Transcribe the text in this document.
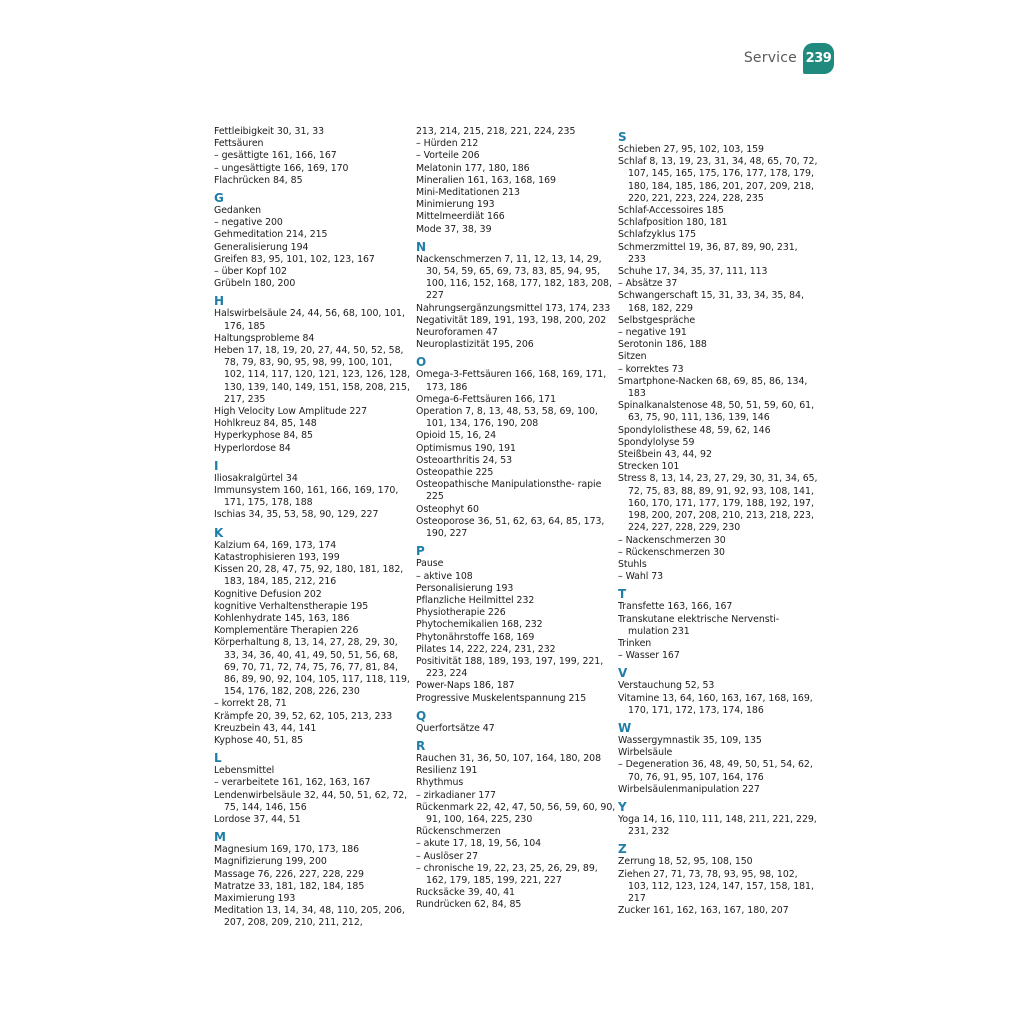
Service 239
Fettleibigkeit 30, 31, 33
Fettsäuren
– gesättigte 161, 166, 167
– ungesättigte 166, 169, 170
Flachrücken 84, 85
G
Gedanken
– negative 200
Gehmeditation 214, 215
Generalisierung 194
Greifen 83, 95, 101, 102, 123, 167
– über Kopf 102
Grübeln 180, 200
H
Halswirbelsäule 24, 44, 56, 68, 100, 101, 176, 185
Haltungsprobleme 84
Heben 17, 18, 19, 20, 27, 44, 50, 52, 58, 78, 79, 83, 90, 95, 98, 99, 100, 101, 102, 114, 117, 120, 121, 123, 126, 128, 130, 139, 140, 149, 151, 158, 208, 215, 217, 235
High Velocity Low Amplitude 227
Hohlkreuz 84, 85, 148
Hyperkyphose 84, 85
Hyperlordose 84
I
Iliosakralgürtel 34
Immunsystem 160, 161, 166, 169, 170, 171, 175, 178, 188
Ischias 34, 35, 53, 58, 90, 129, 227
K
Kalzium 64, 169, 173, 174
Katastrophisieren 193, 199
Kissen 20, 28, 47, 75, 92, 180, 181, 182, 183, 184, 185, 212, 216
Kognitive Defusion 202
kognitive Verhaltenstherapie 195
Kohlenhydrate 145, 163, 186
Komplementäre Therapien 226
Körperhaltung 8, 13, 14, 27, 28, 29, 30, 33, 34, 36, 40, 41, 49, 50, 51, 56, 68, 69, 70, 71, 72, 74, 75, 76, 77, 81, 84, 86, 89, 90, 92, 104, 105, 117, 118, 119, 154, 176, 182, 208, 226, 230
– korrekt 28, 71
Krämpfe 20, 39, 52, 62, 105, 213, 233
Kreuzbein 43, 44, 141
Kyphose 40, 51, 85
L
Lebensmittel
– verarbeitete 161, 162, 163, 167
Lendenwirbelsäule 32, 44, 50, 51, 62, 72, 75, 144, 146, 156
Lordose 37, 44, 51
M
Magnesium 169, 170, 173, 186
Magnifizierung 199, 200
Massage 76, 226, 227, 228, 229
Matratze 33, 181, 182, 184, 185
Maximierung 193
Meditation 13, 14, 34, 48, 110, 205, 206, 207, 208, 209, 210, 211, 212,
213, 214, 215, 218, 221, 224, 235
– Hürden 212
– Vorteile 206
Melatonin 177, 180, 186
Mineralien 161, 163, 168, 169
Mini-Meditationen 213
Minimierung 193
Mittelmeerdiät 166
Mode 37, 38, 39
N
Nackenschmerzen 7, 11, 12, 13, 14, 29, 30, 54, 59, 65, 69, 73, 83, 85, 94, 95, 100, 116, 152, 168, 177, 182, 183, 208, 227
Nahrungsergänzungsmittel 173, 174, 233
Negativität 189, 191, 193, 198, 200, 202
Neuroforamen 47
Neuroplastizität 195, 206
O
Omega-3-Fettsäuren 166, 168, 169, 171, 173, 186
Omega-6-Fettsäuren 166, 171
Operation 7, 8, 13, 48, 53, 58, 69, 100, 101, 134, 176, 190, 208
Opioid 15, 16, 24
Optimismus 190, 191
Osteoarthritis 24, 53
Osteopathie 225
Osteopathische Manipulationsthe- rapie 225
Osteophyt 60
Osteoporose 36, 51, 62, 63, 64, 85, 173, 190, 227
P
Pause
– aktive 108
Personalisierung 193
Pflanzliche Heilmittel 232
Physiotherapie 226
Phytochemikalien 168, 232
Phytonährstoffe 168, 169
Pilates 14, 222, 224, 231, 232
Positivität 188, 189, 193, 197, 199, 221, 223, 224
Power-Naps 186, 187
Progressive Muskelentspannung 215
Q
Querfortsätze 47
R
Rauchen 31, 36, 50, 107, 164, 180, 208
Resilienz 191
Rhythmus
– zirkadianer 177
Rückenmark 22, 42, 47, 50, 56, 59, 60, 90, 91, 100, 164, 225, 230
Rückenschmerzen
– akute 17, 18, 19, 56, 104
– Auslöser 27
– chronische 19, 22, 23, 25, 26, 29, 89, 162, 179, 185, 199, 221, 227
Rucksäcke 39, 40, 41
Rundrücken 62, 84, 85
S
Schieben 27, 95, 102, 103, 159
Schlaf 8, 13, 19, 23, 31, 34, 48, 65, 70, 72, 107, 145, 165, 175, 176, 177, 178, 179, 180, 184, 185, 186, 201, 207, 209, 218, 220, 221, 223, 224, 228, 235
Schlaf-Accessoires 185
Schlafposition 180, 181
Schlafzyklus 175
Schmerzmittel 19, 36, 87, 89, 90, 231, 233
Schuhe 17, 34, 35, 37, 111, 113
– Absätze 37
Schwangerschaft 15, 31, 33, 34, 35, 84, 168, 182, 229
Selbstgespräche
– negative 191
Serotonin 186, 188
Sitzen
– korrektes 73
Smartphone-Nacken 68, 69, 85, 86, 134, 183
Spinalkanalstenose 48, 50, 51, 59, 60, 61, 63, 75, 90, 111, 136, 139, 146
Spondylolisthese 48, 59, 62, 146
Spondylolyse 59
Steißbein 43, 44, 92
Strecken 101
Stress 8, 13, 14, 23, 27, 29, 30, 31, 34, 65, 72, 75, 83, 88, 89, 91, 92, 93, 108, 141, 160, 170, 171, 177, 179, 188, 192, 197, 198, 200, 207, 208, 210, 213, 218, 223, 224, 227, 228, 229, 230
– Nackenschmerzen 30
– Rückenschmerzen 30
Stuhls
– Wahl 73
T
Transfette 163, 166, 167
Transkutane elektrische Nervensti- mulation 231
Trinken
– Wasser 167
V
Verstauchung 52, 53
Vitamine 13, 64, 160, 163, 167, 168, 169, 170, 171, 172, 173, 174, 186
W
Wassergymnastik 35, 109, 135
Wirbelsäule
– Degeneration 36, 48, 49, 50, 51, 54, 62, 70, 76, 91, 95, 107, 164, 176
Wirbelsäulenmanipulation 227
Y
Yoga 14, 16, 110, 111, 148, 211, 221, 229, 231, 232
Z
Zerrung 18, 52, 95, 108, 150
Ziehen 27, 71, 73, 78, 93, 95, 98, 102, 103, 112, 123, 124, 147, 157, 158, 181, 217
Zucker 161, 162, 163, 167, 180, 207
